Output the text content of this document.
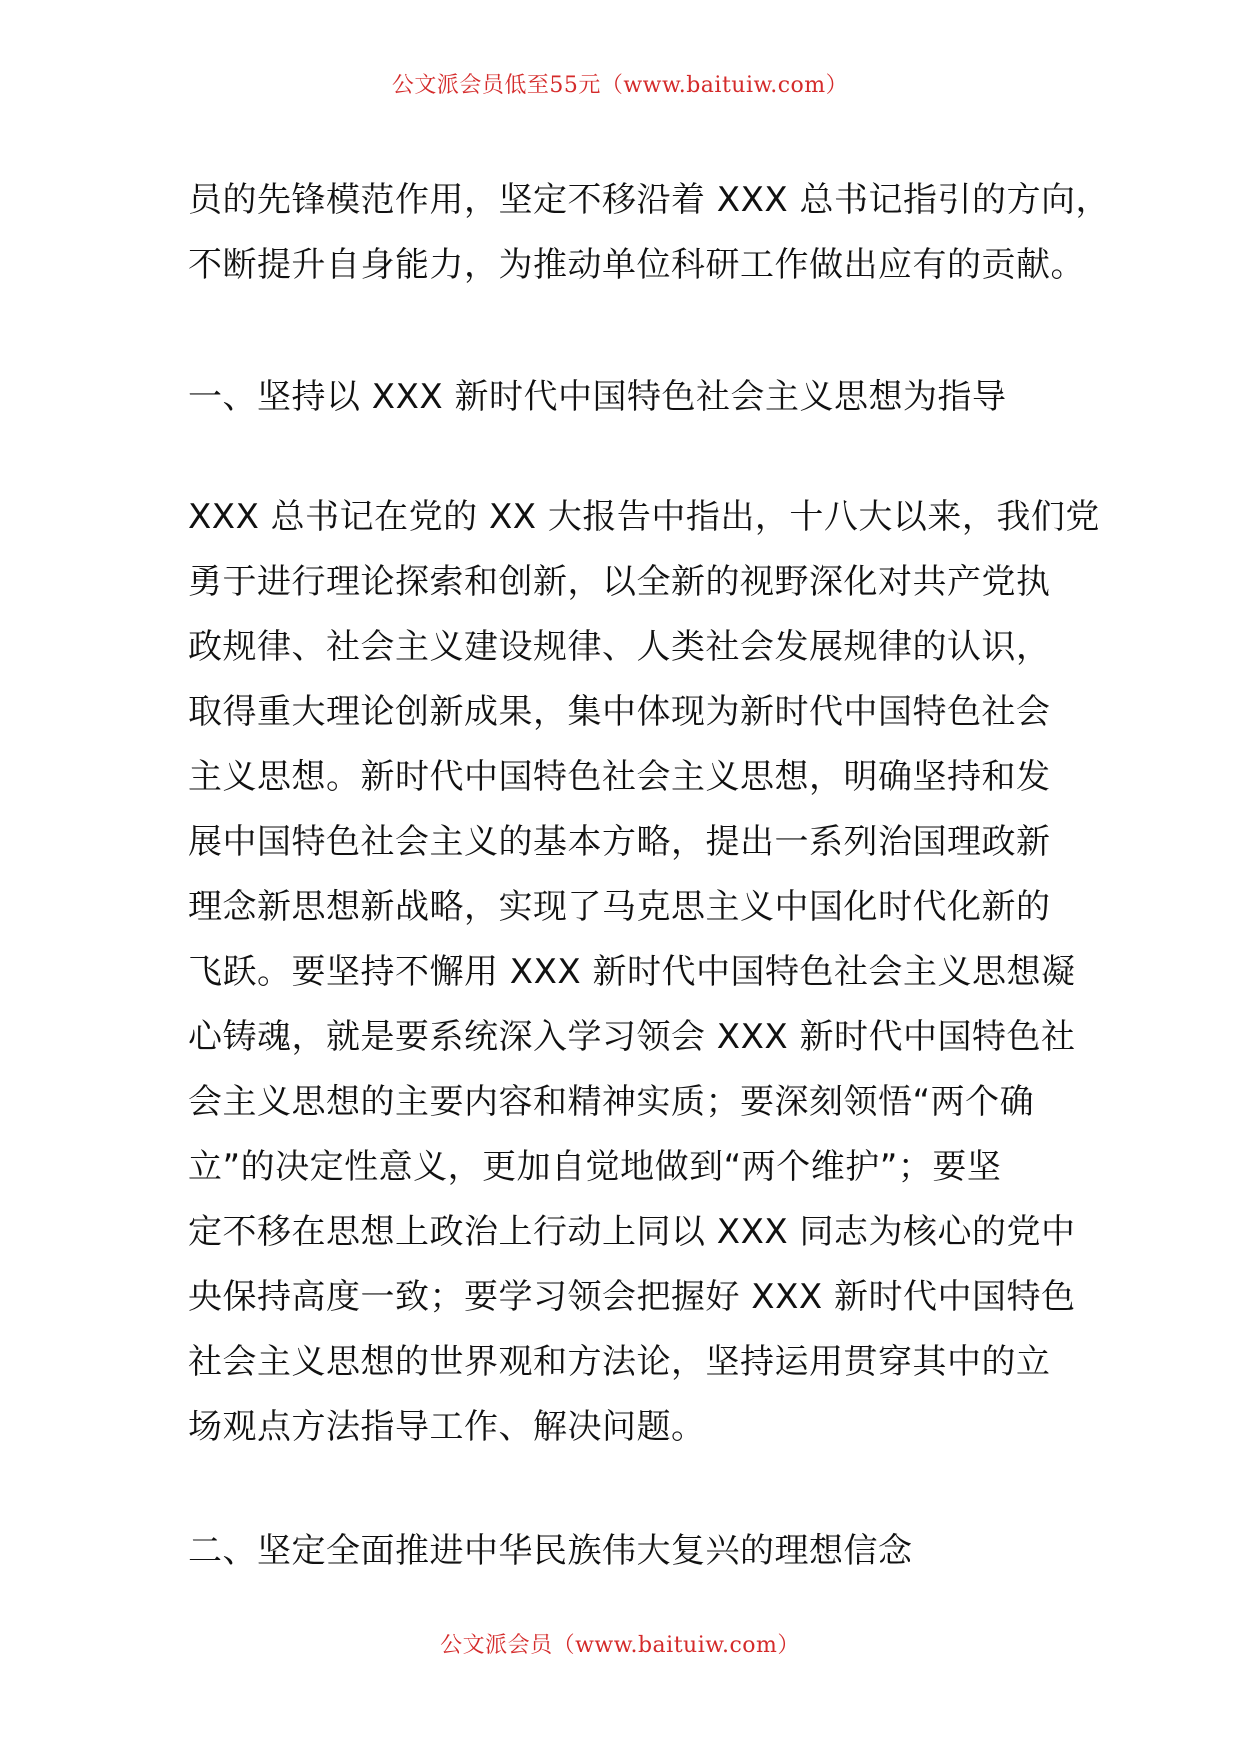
公文派会员低至55元（www.baituiw.com）

员的先锋模范作用，坚定不移沿着 XXX 总书记指引的方向，
不断提升自身能力，为推动单位科研工作做出应有的贡献。

一、坚持以 XXX 新时代中国特色社会主义思想为指导

XXX 总书记在党的 XX 大报告中指出，十八大以来，我们党
勇于进行理论探索和创新，以全新的视野深化对共产党执
政规律、社会主义建设规律、人类社会发展规律的认识，
取得重大理论创新成果，集中体现为新时代中国特色社会
主义思想。新时代中国特色社会主义思想，明确坚持和发
展中国特色社会主义的基本方略，提出一系列治国理政新
理念新思想新战略，实现了马克思主义中国化时代化新的
飞跃。要坚持不懈用 XXX 新时代中国特色社会主义思想凝
心铸魂，就是要系统深入学习领会 XXX 新时代中国特色社
会主义思想的主要内容和精神实质；要深刻领悟“两个确
立”的决定性意义，更加自觉地做到“两个维护”；要坚
定不移在思想上政治上行动上同以 XXX 同志为核心的党中
央保持高度一致；要学习领会把握好 XXX 新时代中国特色
社会主义思想的世界观和方法论，坚持运用贯穿其中的立
场观点方法指导工作、解决问题。

二、坚定全面推进中华民族伟大复兴的理想信念

公文派会员（www.baituiw.com）
